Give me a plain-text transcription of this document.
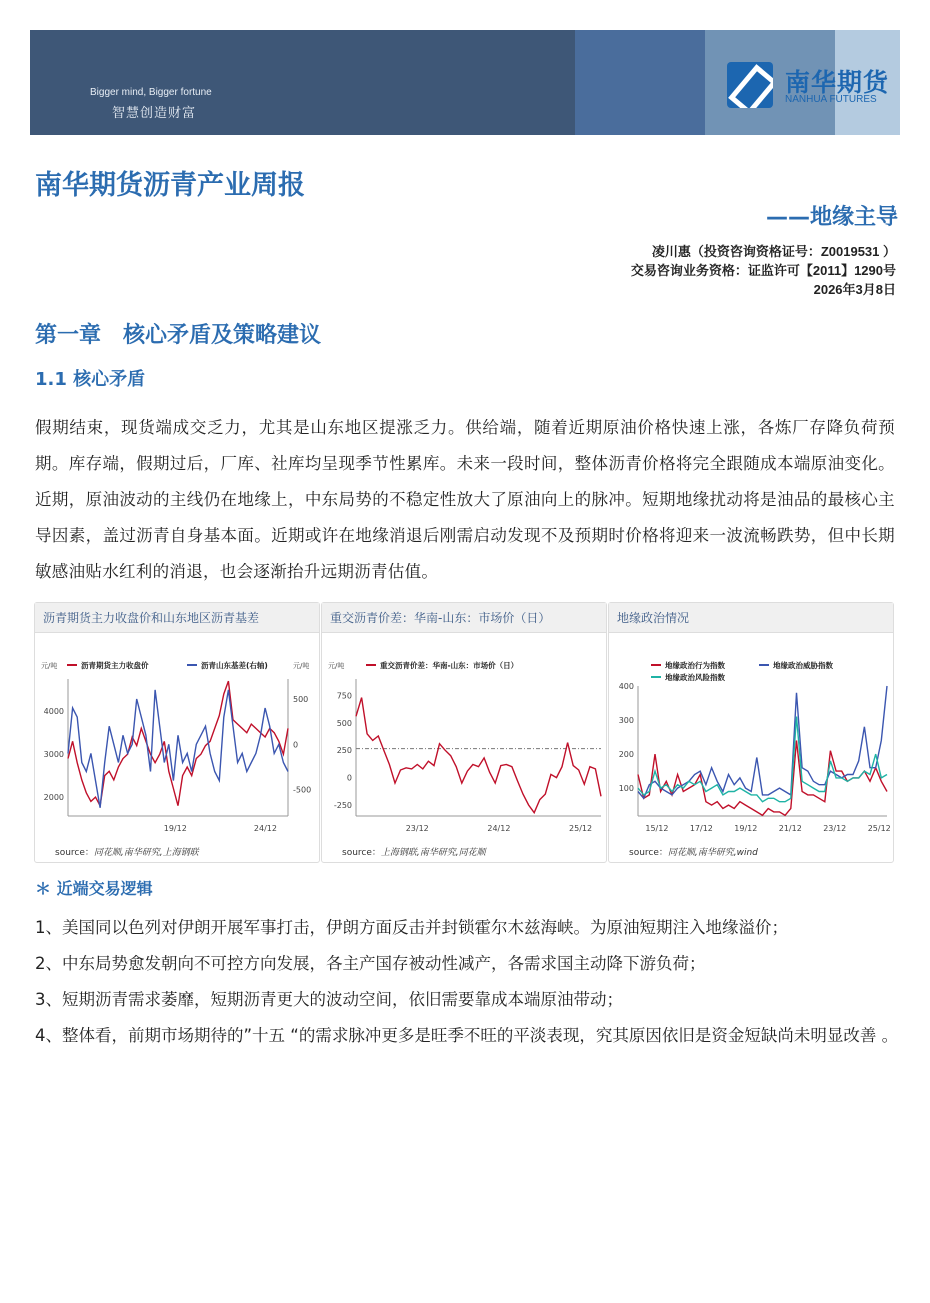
Bigger mind, Bigger fortune
智慧创造财富
南华期货
NANHUA FUTURES
南华期货沥青产业周报
——地缘主导
凌川惠（投资咨询资格证号：Z0019531 ）
交易咨询业务资格：证监许可【2011】1290号
2026年3月8日
第一章　核心矛盾及策略建议
1.1 核心矛盾
假期结束，现货端成交乏力，尤其是山东地区提涨乏力。供给端，随着近期原油价格快速上涨，各炼厂存降负荷预期。库存端，假期过后，厂库、社库均呈现季节性累库。未来一段时间，整体沥青价格将完全跟随成本端原油变化。近期，原油波动的主线仍在地缘上，中东局势的不稳定性放大了原油向上的脉冲。短期地缘扰动将是油品的最核心主导因素，盖过沥青自身基本面。近期或许在地缘消退后刚需启动发现不及预期时价格将迎来一波流畅跌势，但中长期敏感油贴水红利的消退，也会逐渐抬升远期沥青估值。
沥青期货主力收盘价和山东地区沥青基差
2000
3000
4000
-500
0
500
19/12	24/12
元/吨	元/吨
沥青期货主力收盘价	沥青山东基差(右轴)
source：同花顺,南华研究,上海钢联
重交沥青价差：华南-山东：市场价（日）
-250
0
250
500
750
23/12	24/12	25/12
元/吨	重交沥青价差：华南-山东：市场价（日）
source：上海钢联,南华研究,同花顺
地缘政治情况
100
200
300
400
15/12	17/12	19/12	21/12	23/12	25/12
地缘政治行为指数	地缘政治威胁指数
地缘政治风险指数
source：同花顺,南华研究,wind
＊ 近端交易逻辑
1、美国同以色列对伊朗开展军事打击，伊朗方面反击并封锁霍尔木兹海峡。为原油短期注入地缘溢价；
2、中东局势愈发朝向不可控方向发展，各主产国存被动性减产，各需求国主动降下游负荷；
3、短期沥青需求萎靡，短期沥青更大的波动空间，依旧需要靠成本端原油带动；
4、整体看，前期市场期待的”十五 “的需求脉冲更多是旺季不旺的平淡表现，究其原因依旧是资金短缺尚未明显改善 。
